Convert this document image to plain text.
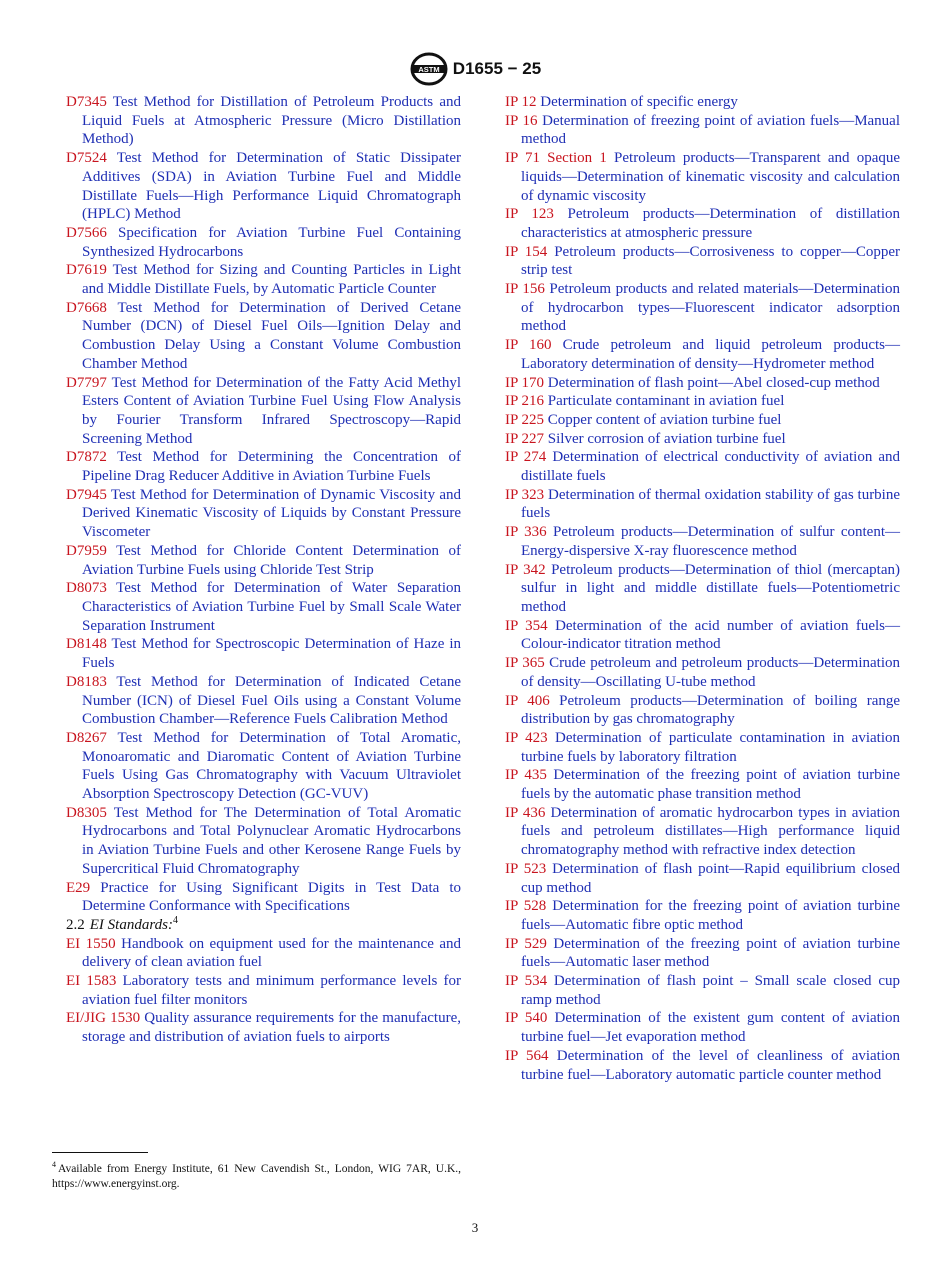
ASTM D1655 − 25

D7345 Test Method for Distillation of Petroleum Products and Liquid Fuels at Atmospheric Pressure (Micro Distillation Method)

D7524 Test Method for Determination of Static Dissipater Additives (SDA) in Aviation Turbine Fuel and Middle Distillate Fuels—High Performance Liquid Chromatograph (HPLC) Method

D7566 Specification for Aviation Turbine Fuel Containing Synthesized Hydrocarbons

D7619 Test Method for Sizing and Counting Particles in Light and Middle Distillate Fuels, by Automatic Particle Counter

D7668 Test Method for Determination of Derived Cetane Number (DCN) of Diesel Fuel Oils—Ignition Delay and Combustion Delay Using a Constant Volume Combustion Chamber Method

D7797 Test Method for Determination of the Fatty Acid Methyl Esters Content of Aviation Turbine Fuel Using Flow Analysis by Fourier Transform Infrared Spectroscopy—Rapid Screening Method

D7872 Test Method for Determining the Concentration of Pipeline Drag Reducer Additive in Aviation Turbine Fuels

D7945 Test Method for Determination of Dynamic Viscosity and Derived Kinematic Viscosity of Liquids by Constant Pressure Viscometer

D7959 Test Method for Chloride Content Determination of Aviation Turbine Fuels using Chloride Test Strip

D8073 Test Method for Determination of Water Separation Characteristics of Aviation Turbine Fuel by Small Scale Water Separation Instrument

D8148 Test Method for Spectroscopic Determination of Haze in Fuels

D8183 Test Method for Determination of Indicated Cetane Number (ICN) of Diesel Fuel Oils using a Constant Volume Combustion Chamber—Reference Fuels Calibration Method

D8267 Test Method for Determination of Total Aromatic, Monoaromatic and Diaromatic Content of Aviation Turbine Fuels Using Gas Chromatography with Vacuum Ultraviolet Absorption Spectroscopy Detection (GC-VUV)

D8305 Test Method for The Determination of Total Aromatic Hydrocarbons and Total Polynuclear Aromatic Hydrocarbons in Aviation Turbine Fuels and other Kerosene Range Fuels by Supercritical Fluid Chromatography

E29 Practice for Using Significant Digits in Test Data to Determine Conformance with Specifications

2.2 EI Standards:$^4$

EI 1550 Handbook on equipment used for the maintenance and delivery of clean aviation fuel

EI 1583 Laboratory tests and minimum performance levels for aviation fuel filter monitors

EI/JIG 1530 Quality assurance requirements for the manufacture, storage and distribution of aviation fuels to airports

IP 12 Determination of specific energy

IP 16 Determination of freezing point of aviation fuels—Manual method

IP 71 Section 1 Petroleum products—Transparent and opaque liquids—Determination of kinematic viscosity and calculation of dynamic viscosity

IP 123 Petroleum products—Determination of distillation characteristics at atmospheric pressure

IP 154 Petroleum products—Corrosiveness to copper—Copper strip test

IP 156 Petroleum products and related materials—Determination of hydrocarbon types—Fluorescent indicator adsorption method

IP 160 Crude petroleum and liquid petroleum products—Laboratory determination of density—Hydrometer method

IP 170 Determination of flash point—Abel closed-cup method

IP 216 Particulate contaminant in aviation fuel

IP 225 Copper content of aviation turbine fuel

IP 227 Silver corrosion of aviation turbine fuel

IP 274 Determination of electrical conductivity of aviation and distillate fuels

IP 323 Determination of thermal oxidation stability of gas turbine fuels

IP 336 Petroleum products—Determination of sulfur content—Energy-dispersive X-ray fluorescence method

IP 342 Petroleum products—Determination of thiol (mercaptan) sulfur in light and middle distillate fuels—Potentiometric method

IP 354 Determination of the acid number of aviation fuels—Colour-indicator titration method

IP 365 Crude petroleum and petroleum products—Determination of density—Oscillating U-tube method

IP 406 Petroleum products—Determination of boiling range distribution by gas chromatography

IP 423 Determination of particulate contamination in aviation turbine fuels by laboratory filtration

IP 435 Determination of the freezing point of aviation turbine fuels by the automatic phase transition method

IP 436 Determination of aromatic hydrocarbon types in aviation fuels and petroleum distillates—High performance liquid chromatography method with refractive index detection

IP 523 Determination of flash point—Rapid equilibrium closed cup method

IP 528 Determination for the freezing point of aviation turbine fuels—Automatic fibre optic method

IP 529 Determination of the freezing point of aviation turbine fuels—Automatic laser method

IP 534 Determination of flash point – Small scale closed cup ramp method

IP 540 Determination of the existent gum content of aviation turbine fuel—Jet evaporation method

IP 564 Determination of the level of cleanliness of aviation turbine fuel—Laboratory automatic particle counter method

$^4$ Available from Energy Institute, 61 New Cavendish St., London, WIG 7AR, U.K., https://www.energyinst.org.
3
